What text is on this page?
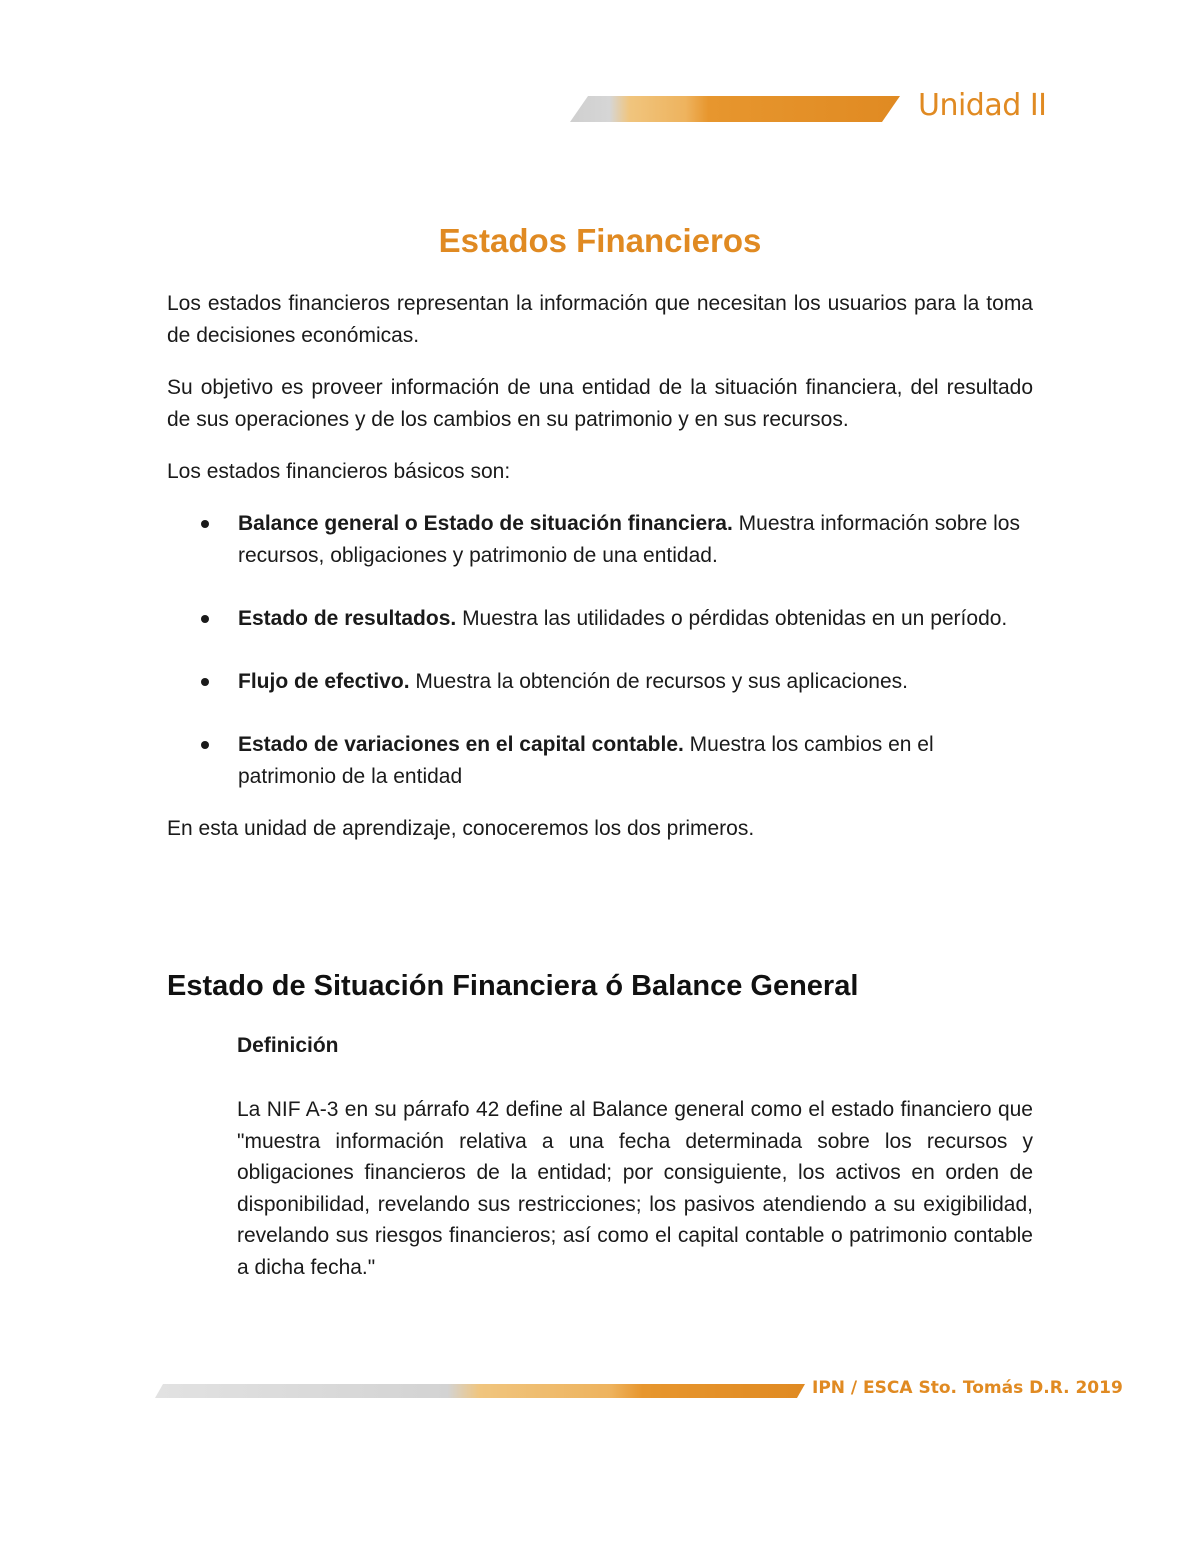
Unidad II
Estados Financieros

Los estados financieros representan la información que necesitan los usuarios para la toma de decisiones económicas.

Su objetivo es proveer información de una entidad de la situación financiera, del resultado de sus operaciones y de los cambios en su patrimonio y en sus recursos.

Los estados financieros básicos son:

Balance general o Estado de situación financiera. Muestra información sobre los recursos, obligaciones y patrimonio de una entidad.
Estado de resultados. Muestra las utilidades o pérdidas obtenidas en un período.
Flujo de efectivo. Muestra la obtención de recursos y sus aplicaciones.
Estado de variaciones en el capital contable. Muestra los cambios en el patrimonio de la entidad

En esta unidad de aprendizaje, conoceremos los dos primeros.

Estado de Situación Financiera ó Balance General
Definición

La NIF A-3 en su párrafo 42 define al Balance general como el estado financiero que "muestra información relativa a una fecha determinada sobre los recursos y obligaciones financieros de la entidad; por consiguiente, los activos en orden de disponibilidad, revelando sus restricciones; los pasivos atendiendo a su exigibilidad, revelando sus riesgos financieros; así como el capital contable o patrimonio contable a dicha fecha."

IPN / ESCA Sto. Tomás D.R. 2019
